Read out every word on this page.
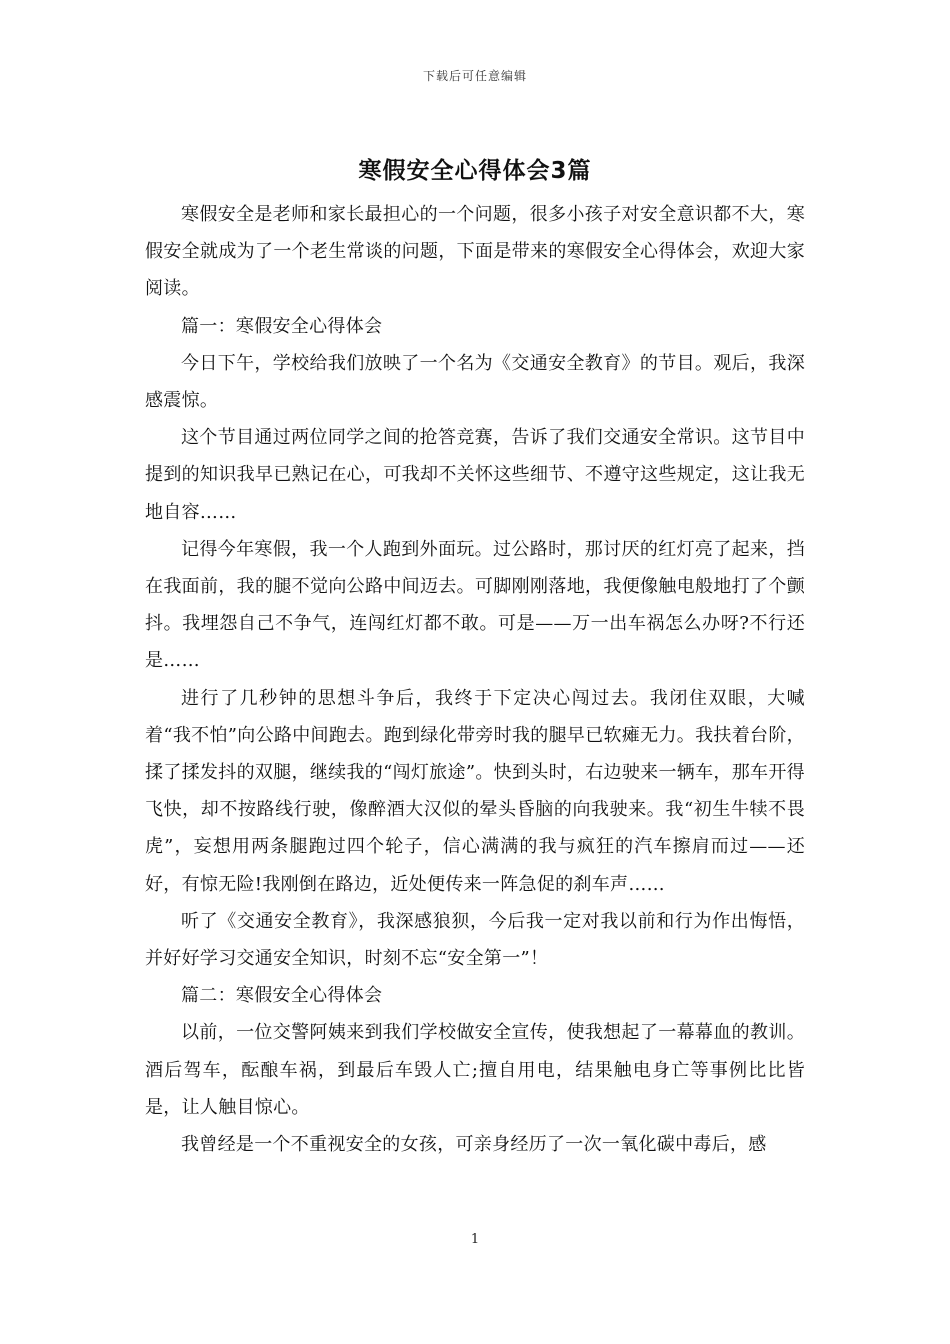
下载后可任意编辑
寒假安全心得体会3篇

寒假安全是老师和家长最担心的一个问题，很多小孩子对安全意识都不大，寒假安全就成为了一个老生常谈的问题，下面是带来的寒假安全心得体会，欢迎大家阅读。

篇一：寒假安全心得体会

今日下午，学校给我们放映了一个名为《交通安全教育》的节目。观后，我深感震惊。

这个节目通过两位同学之间的抢答竞赛，告诉了我们交通安全常识。这节目中提到的知识我早已熟记在心，可我却不关怀这些细节、不遵守这些规定，这让我无地自容……

记得今年寒假，我一个人跑到外面玩。过公路时，那讨厌的红灯亮了起来，挡在我面前，我的腿不觉向公路中间迈去。可脚刚刚落地，我便像触电般地打了个颤抖。我埋怨自己不争气，连闯红灯都不敢。可是——万一出车祸怎么办呀?不行还是……

进行了几秒钟的思想斗争后，我终于下定决心闯过去。我闭住双眼，大喊着“我不怕”向公路中间跑去。跑到绿化带旁时我的腿早已软瘫无力。我扶着台阶，揉了揉发抖的双腿，继续我的“闯灯旅途”。快到头时，右边驶来一辆车，那车开得飞快，却不按路线行驶，像醉酒大汉似的晕头昏脑的向我驶来。我“初生牛犊不畏虎”，妄想用两条腿跑过四个轮子，信心满满的我与疯狂的汽车擦肩而过——还好，有惊无险!我刚倒在路边，近处便传来一阵急促的刹车声……

听了《交通安全教育》，我深感狼狈，今后我一定对我以前和行为作出悔悟，并好好学习交通安全知识，时刻不忘“安全第一”！

篇二：寒假安全心得体会

以前，一位交警阿姨来到我们学校做安全宣传，使我想起了一幕幕血的教训。酒后驾车，酝酿车祸，到最后车毁人亡;擅自用电，结果触电身亡等事例比比皆是，让人触目惊心。

我曾经是一个不重视安全的女孩，可亲身经历了一次一氧化碳中毒后，感

1
